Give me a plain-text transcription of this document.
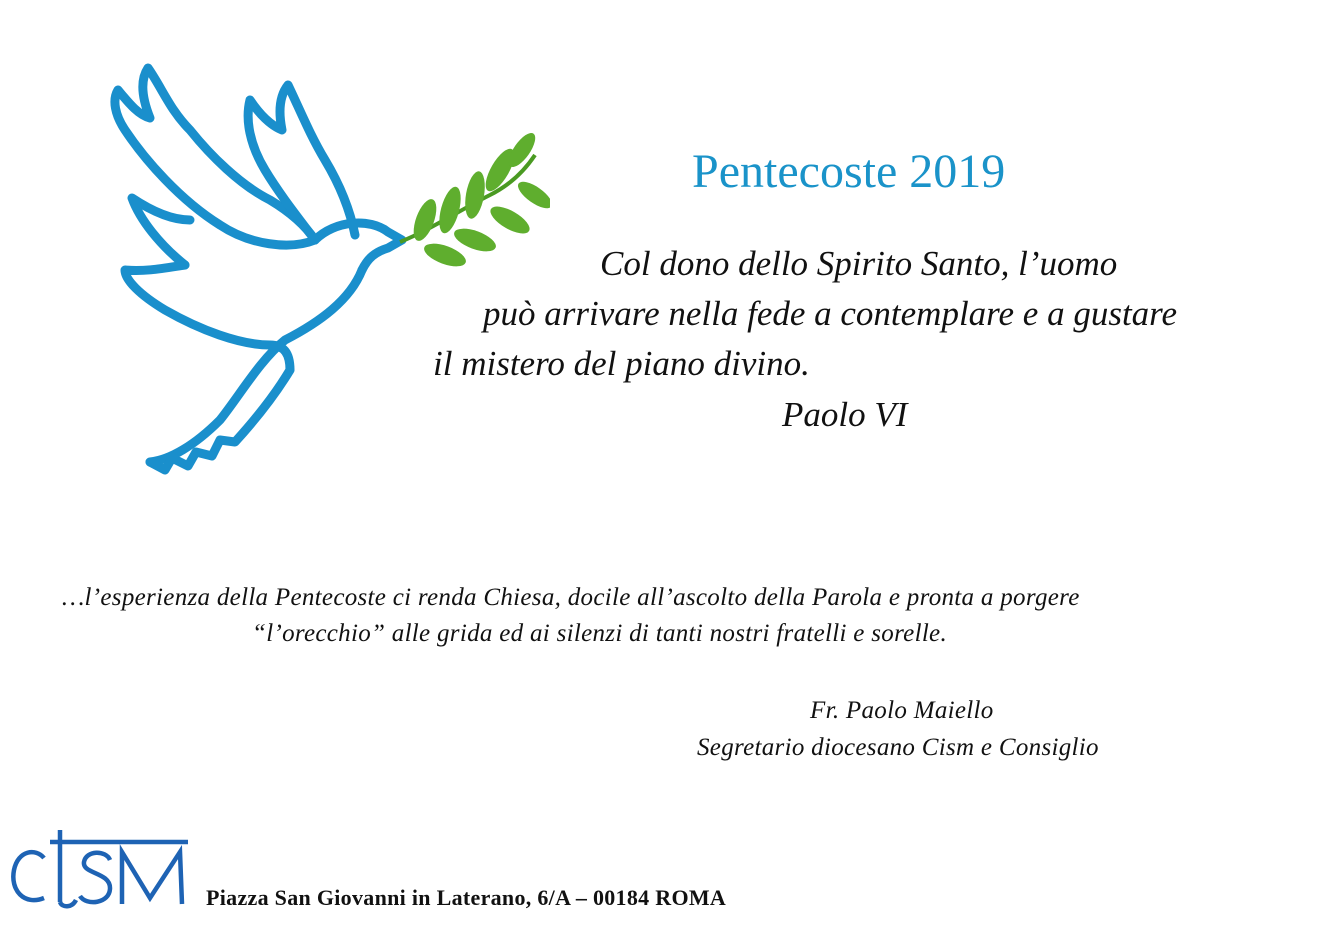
Pentecoste 2019
Col dono dello Spirito Santo, l’uomo
può arrivare nella fede a contemplare e a gustare
il mistero del piano divino.
Paolo VI
…l’esperienza della Pentecoste ci renda Chiesa, docile all’ascolto della Parola e pronta a porgere
“l’orecchio” alle grida ed ai silenzi di tanti nostri fratelli e sorelle.
Fr. Paolo Maiello
Segretario diocesano Cism e Consiglio
Piazza San Giovanni in Laterano, 6/A – 00184 ROMA
